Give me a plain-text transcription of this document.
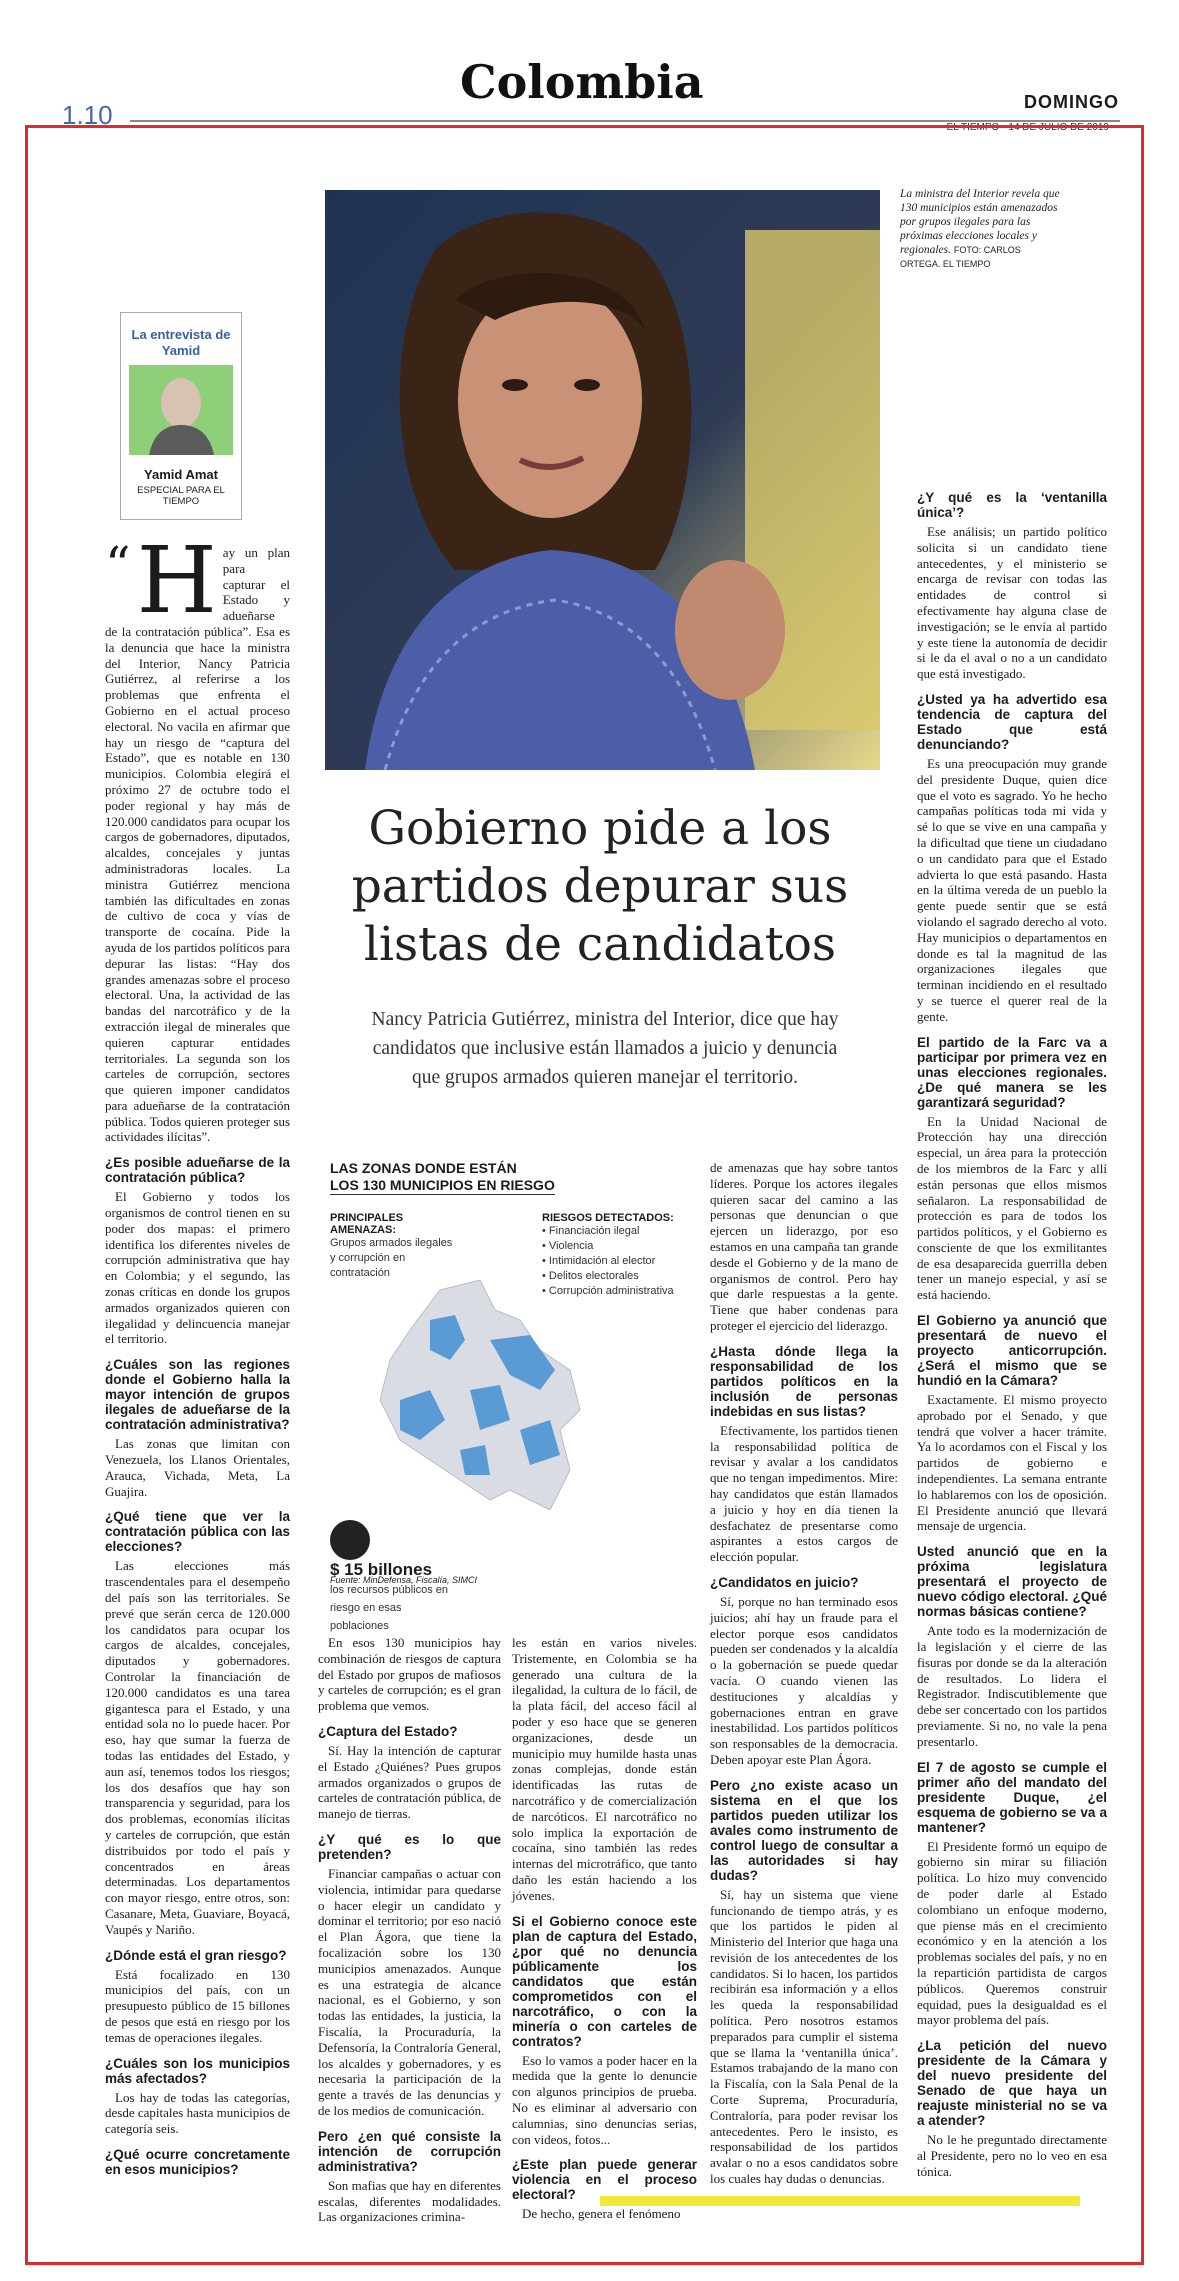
Colombia
1.10	DOMINGO
EL TIEMPO • 14 DE JULIO DE 2019
La ministra del Interior revela que 130 municipios están amenazados por grupos ilegales para las próximas elecciones locales y regionales. FOTO: CARLOS ORTEGA. EL TIEMPO
La entrevista de Yamid
Yamid Amat
ESPECIAL PARA EL TIEMPO
Gobierno pide a los partidos depurar sus listas de candidatos
Nancy Patricia Gutiérrez, ministra del Interior, dice que hay candidatos que inclusive están llamados a juicio y denuncia que grupos armados quieren manejar el territorio.
“ H ay un plan para capturar el Estado y adueñarse de la contratación pública”. Esa es la denuncia que hace la ministra del Interior, Nancy Patricia Gutiérrez, al referirse a los problemas que enfrenta el Gobierno en el actual proceso electoral. No vacila en afirmar que hay un riesgo de “captura del Estado”, que es notable en 130 municipios. Colombia elegirá el próximo 27 de octubre todo el poder regional y hay más de 120.000 candidatos para ocupar los cargos de gobernadores, diputados, alcaldes, concejales y juntas administradoras locales. La ministra Gutiérrez menciona también las dificultades en zonas de cultivo de coca y vías de transporte de cocaína. Pide la ayuda de los partidos políticos para depurar las listas: “Hay dos grandes amenazas sobre el proceso electoral. Una, la actividad de las bandas del narcotráfico y de la extracción ilegal de minerales que quieren capturar entidades territoriales. La segunda son los carteles de corrupción, sectores que quieren imponer candidatos para adueñarse de la contratación pública. Todos quieren proteger sus actividades ilícitas”.
¿Es posible adueñarse de la contratación pública?

El Gobierno y todos los organismos de control tienen en su poder dos mapas: el primero identifica los diferentes niveles de corrupción administrativa que hay en Colombia; y el segundo, las zonas críticas en donde los grupos armados organizados quieren con ilegalidad y delincuencia manejar el territorio.

¿Cuáles son las regiones donde el Gobierno halla la mayor intención de grupos ilegales de adueñarse de la contratación administrativa?

Las zonas que limitan con Venezuela, los Llanos Orientales, Arauca, Vichada, Meta, La Guajira.

¿Qué tiene que ver la contratación pública con las elecciones?

Las elecciones más trascendentales para el desempeño del país son las territoriales. Se prevé que serán cerca de 120.000 los candidatos para ocupar los cargos de alcaldes, concejales, diputados y gobernadores. Controlar la financiación de 120.000 candidatos es una tarea gigantesca para el Estado, y una entidad sola no lo puede hacer. Por eso, hay que sumar la fuerza de todas las entidades del Estado, y aun así, tenemos todos los riesgos; los dos desafíos que hay son transparencia y seguridad, para los dos problemas, economías ilícitas y carteles de corrupción, que están distribuidos por todo el país y concentrados en áreas determinadas. Los departamentos con mayor riesgo, entre otros, son: Casanare, Meta, Guaviare, Boyacá, Vaupés y Nariño.

¿Dónde está el gran riesgo?

Está focalizado en 130 municipios del país, con un presupuesto público de 15 billones de pesos que está en riesgo por los temas de operaciones ilegales.

¿Cuáles son los municipios más afectados?

Los hay de todas las categorías, desde capitales hasta municipios de categoría seis.

¿Qué ocurre concretamente en esos municipios?
LAS ZONAS DONDE ESTÁN
LOS 130 MUNICIPIOS EN RIESGO
PRINCIPALES AMENAZAS:
Grupos armados ilegales y corrupción en contratación
RIESGOS DETECTADOS:
• Financiación ilegal
• Violencia
• Intimidación al elector
• Delitos electorales
• Corrupción administrativa
$ 15 billones los recursos públicos en riesgo en esas poblaciones
Fuente: MinDefensa, Fiscalía, SIMCI

En esos 130 municipios hay combinación de riesgos de captura del Estado por grupos de mafiosos y carteles de corrupción; es el gran problema que vemos.

¿Captura del Estado?

Sí. Hay la intención de capturar el Estado ¿Quiénes? Pues grupos armados organizados o grupos de carteles de contratación pública, de manejo de tierras.

¿Y qué es lo que pretenden?

Financiar campañas o actuar con violencia, intimidar para quedarse o hacer elegir un candidato y dominar el territorio; por eso nació el Plan Ágora, que tiene la focalización sobre los 130 municipios amenazados. Aunque es una estrategia de alcance nacional, es el Gobierno, y son todas las entidades, la justicia, la Fiscalía, la Procuraduría, la Defensoría, la Contraloría General, los alcaldes y gobernadores, y es necesaria la participación de la gente a través de las denuncias y de los medios de comunicación.

Pero ¿en qué consiste la intención de corrupción administrativa?

Son mafias que hay en diferentes escalas, diferentes modalidades. Las organizaciones crimina-

les están en varios niveles. Tristemente, en Colombia se ha generado una cultura de la ilegalidad, la cultura de lo fácil, de la plata fácil, del acceso fácil al poder y eso hace que se generen organizaciones, desde un municipio muy humilde hasta unas zonas complejas, donde están identificadas las rutas de narcotráfico y de comercialización de narcóticos. El narcotráfico no solo implica la exportación de cocaína, sino también las redes internas del microtráfico, que tanto daño les están haciendo a los jóvenes.

Si el Gobierno conoce este plan de captura del Estado, ¿por qué no denuncia públicamente los candidatos que están comprometidos con el narcotráfico, o con la minería o con carteles de contratos?

Eso lo vamos a poder hacer en la medida que la gente lo denuncie con algunos principios de prueba. No es eliminar al adversario con calumnias, sino denuncias serias, con videos, fotos...

¿Este plan puede generar violencia en el proceso electoral?

De hecho, genera el fenómeno

de amenazas que hay sobre tantos líderes. Porque los actores ilegales quieren sacar del camino a las personas que denuncian o que ejercen un liderazgo, por eso estamos en una campaña tan grande desde el Gobierno y de la mano de organismos de control. Pero hay que darle respuestas a la gente. Tiene que haber condenas para proteger el ejercicio del liderazgo.

¿Hasta dónde llega la responsabilidad de los partidos políticos en la inclusión de personas indebidas en sus listas?

Efectivamente, los partidos tienen la responsabilidad política de revisar y avalar a los candidatos que no tengan impedimentos. Mire: hay candidatos que están llamados a juicio y hoy en día tienen la desfachatez de presentarse como aspirantes a estos cargos de elección popular.

¿Candidatos en juicio?

Sí, porque no han terminado esos juicios; ahí hay un fraude para el elector porque esos candidatos pueden ser condenados y la alcaldía o la gobernación se puede quedar vacía. O cuando vienen las destituciones y alcaldías y gobernaciones entran en grave inestabilidad. Los partidos políticos son responsables de la democracia. Deben apoyar este Plan Ágora.

Pero ¿no existe acaso un sistema en el que los partidos pueden utilizar los avales como instrumento de control luego de consultar a las autoridades si hay dudas?

Sí, hay un sistema que viene funcionando de tiempo atrás, y es que los partidos le piden al Ministerio del Interior que haga una revisión de los antecedentes de los candidatos. Si lo hacen, los partidos recibirán esa información y a ellos les queda la responsabilidad política. Pero nosotros estamos preparados para cumplir el sistema que se llama la ‘ventanilla única’. Estamos trabajando de la mano con la Fiscalía, con la Sala Penal de la Corte Suprema, Procuraduría, Contraloría, para poder revisar los antecedentes. Pero le insisto, es responsabilidad de los partidos avalar o no a esos candidatos sobre los cuales hay dudas o denuncias.

¿Y qué es la ‘ventanilla única’?

Ese análisis; un partido político solicita si un candidato tiene antecedentes, y el ministerio se encarga de revisar con todas las entidades de control si efectivamente hay alguna clase de investigación; se le envía al partido y este tiene la autonomía de decidir si le da el aval o no a un candidato que está investigado.

¿Usted ya ha advertido esa tendencia de captura del Estado que está denunciando?

Es una preocupación muy grande del presidente Duque, quien dice que el voto es sagrado. Yo he hecho campañas políticas toda mi vida y sé lo que se vive en una campaña y la dificultad que tiene un ciudadano o un candidato para que el Estado advierta lo que está pasando. Hasta en la última vereda de un pueblo la gente puede sentir que se está violando el sagrado derecho al voto. Hay municipios o departamentos en donde es tal la magnitud de las organizaciones ilegales que terminan incidiendo en el resultado y se tuerce el querer real de la gente.

El partido de la Farc va a participar por primera vez en unas elecciones regionales. ¿De qué manera se les garantizará seguridad?

En la Unidad Nacional de Protección hay una dirección especial, un área para la protección de los miembros de la Farc y allí están personas que ellos mismos señalaron. La responsabilidad de protección es para de todos los partidos políticos, y el Gobierno es consciente de que los exmilitantes de esa desaparecida guerrilla deben tener un manejo especial, y así se está haciendo.

El Gobierno ya anunció que presentará de nuevo el proyecto anticorrupción. ¿Será el mismo que se hundió en la Cámara?

Exactamente. El mismo proyecto aprobado por el Senado, y que tendrá que volver a hacer trámite. Ya lo acordamos con el Fiscal y los partidos de gobierno e independientes. La semana entrante lo hablaremos con los de oposición. El Presidente anunció que llevará mensaje de urgencia.

Usted anunció que en la próxima legislatura presentará el proyecto de nuevo código electoral. ¿Qué normas básicas contiene?

Ante todo es la modernización de la legislación y el cierre de las fisuras por donde se da la alteración de resultados. Lo lidera el Registrador. Indiscutiblemente que debe ser concertado con los partidos previamente. Si no, no vale la pena presentarlo.

El 7 de agosto se cumple el primer año del mandato del presidente Duque, ¿el esquema de gobierno se va a mantener?

El Presidente formó un equipo de gobierno sin mirar su filiación política. Lo hizo muy convencido de poder darle al Estado colombiano un enfoque moderno, que piense más en el crecimiento económico y en la atención a los problemas sociales del país, y no en la repartición partidista de cargos públicos. Queremos construir equidad, pues la desigualdad es el mayor problema del país.

¿La petición del nuevo presidente de la Cámara y del nuevo presidente del Senado de que haya un reajuste ministerial no se va a atender?

No le he preguntado directamente al Presidente, pero no lo veo en esa tónica.
